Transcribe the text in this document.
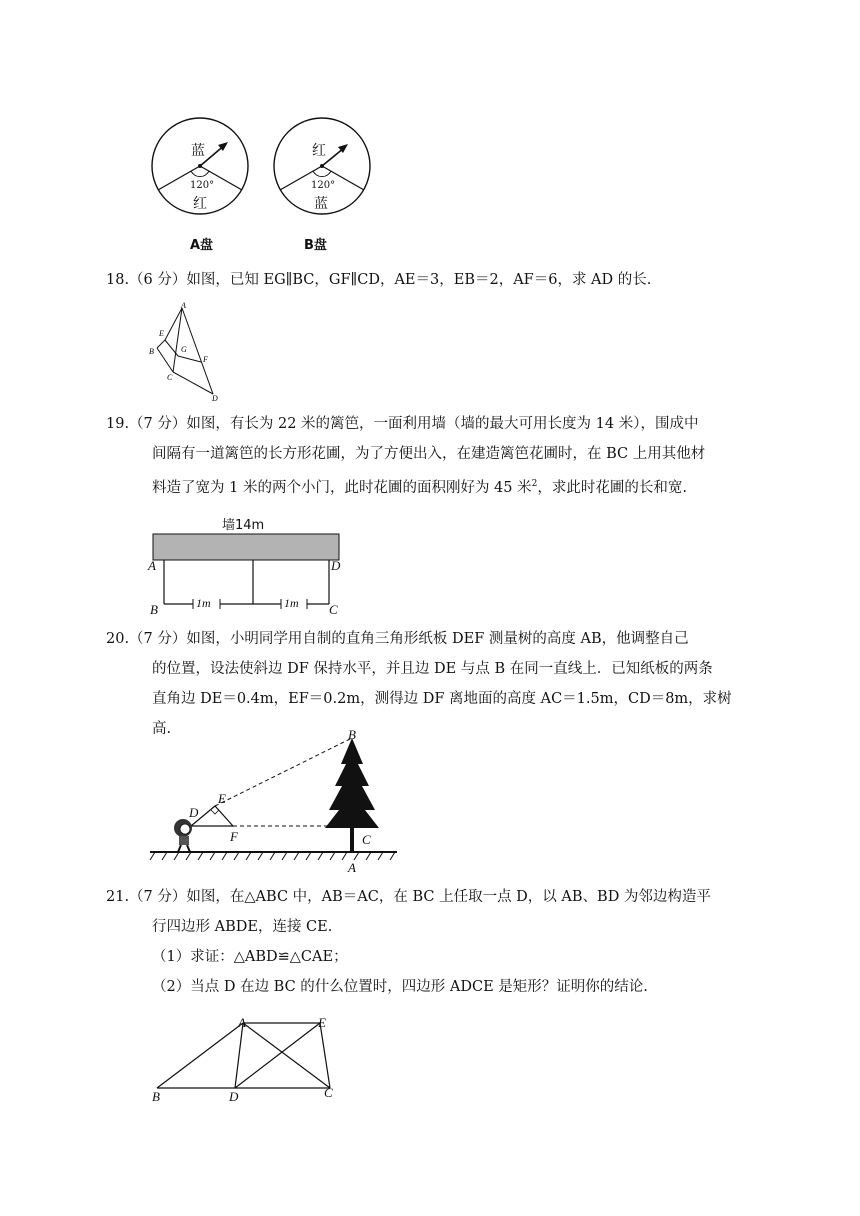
蓝
120°
红
A盘
红
120°
蓝
B盘

18.（6 分）如图，已知 EG∥BC，GF∥CD，AE＝3，EB＝2，AF＝6，求 AD 的长.

A
E
B	G
F
C
D

19.（7 分）如图，有长为 22 米的篱笆，一面利用墙（墙的最大可用长度为 14 米），围成中

间隔有一道篱笆的长方形花圃，为了方便出入，在建造篱笆花圃时，在 BC 上用其他材

料造了宽为 1 米的两个小门，此时花圃的面积刚好为 45 米$^2$，求此时花圃的长和宽.

墙14m
1m	1m
A	D
B	C

20.（7 分）如图，小明同学用自制的直角三角形纸板 DEF 测量树的高度 AB，他调整自己

的位置，设法使斜边 DF 保持水平，并且边 DE 与点 B 在同一直线上．已知纸板的两条

直角边 DE＝0.4m，EF＝0.2m，测得边 DF 离地面的高度 AC＝1.5m，CD＝8m，求树高.	B
D
E
F	C
A

21.（7 分）如图，在△ABC 中，AB＝AC，在 BC 上任取一点 D，以 AB、BD 为邻边构造平

行四边形 ABDE，连接 CE.

（1）求证：△ABD≌△CAE；

（2）当点 D 在边 BC 的什么位置时，四边形 ADCE 是矩形？证明你的结论.

A	E
B	D	C
